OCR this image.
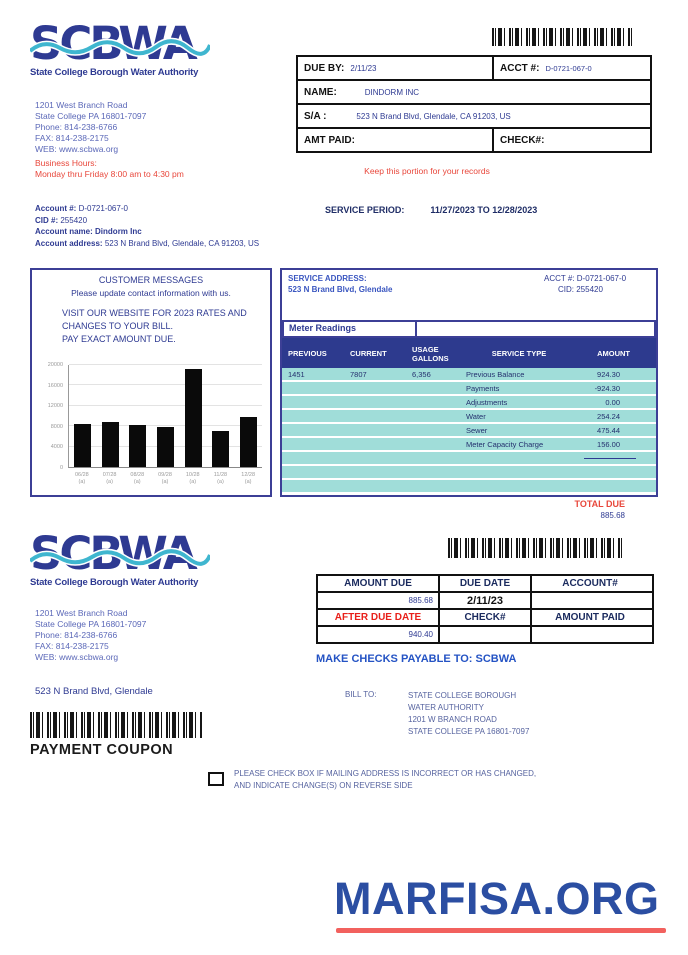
SCBWA
State College Borough Water Authority
1201 West Branch Road
State College PA 16801-7097
Phone: 814-238-6766
FAX: 814-238-2175
WEB: www.scbwa.org
Business Hours:
Monday thru Friday 8:00 am to 4:30 pm
DUE BY: 2/11/23	ACCT #: D-0721-067-0
NAME:	DINDORM INC
S/A :	523 N Brand Blvd, Glendale, CA 91203, US
AMT PAID:	CHECK#:
Keep this portion for your records
Account #: D-0721-067-0
CID #: 255420
Account name: Dindorm Inc
Account address: 523 N Brand Blvd, Glendale, CA 91203, US
SERVICE PERIOD:	11/27/2023 TO 12/28/2023
CUSTOMER MESSAGES
Please update contact information with us.
VISIT OUR WEBSITE FOR 2023 RATES AND
CHANGES TO YOUR BILL.
PAY EXACT AMOUNT DUE.
20000
16000
12000
8000
4000
0
06/28
(a)
07/28
(a)
08/28
(a)
09/28
(a)
10/28
(a)
11/28
(a)
12/28
(a)
SERVICE ADDRESS:
523 N Brand Blvd, Glendale
ACCT #: D-0721-067-0
CID: 255420
Meter Readings
PREVIOUS	CURRENT	USAGE
GALLONS
SERVICE TYPE	AMOUNT
1451	7807	6,356	Previous Balance	924.30
Payments	-924.30
Adjustments	0.00
Water	254.24
Sewer	475.44
Meter Capacity Charge	156.00
TOTAL DUE
885.68
SCBWA
State College Borough Water Authority
1201 West Branch Road
State College PA 16801-7097
Phone: 814-238-6766
FAX: 814-238-2175
WEB: www.scbwa.org
523 N Brand Blvd, Glendale
PAYMENT COUPON
AMOUNT DUE	DUE DATE	ACCOUNT#
885.68	2/11/23
AFTER DUE DATE	CHECK#	AMOUNT PAID
940.40
MAKE CHECKS PAYABLE TO: SCBWA
BILL TO:	STATE COLLEGE BOROUGH
WATER AUTHORITY
1201 W BRANCH ROAD
STATE COLLEGE PA 16801-7097
PLEASE CHECK BOX IF MAILING ADDRESS IS INCORRECT OR HAS CHANGED,
AND INDICATE CHANGE(S) ON REVERSE SIDE
MARFISA.ORG
